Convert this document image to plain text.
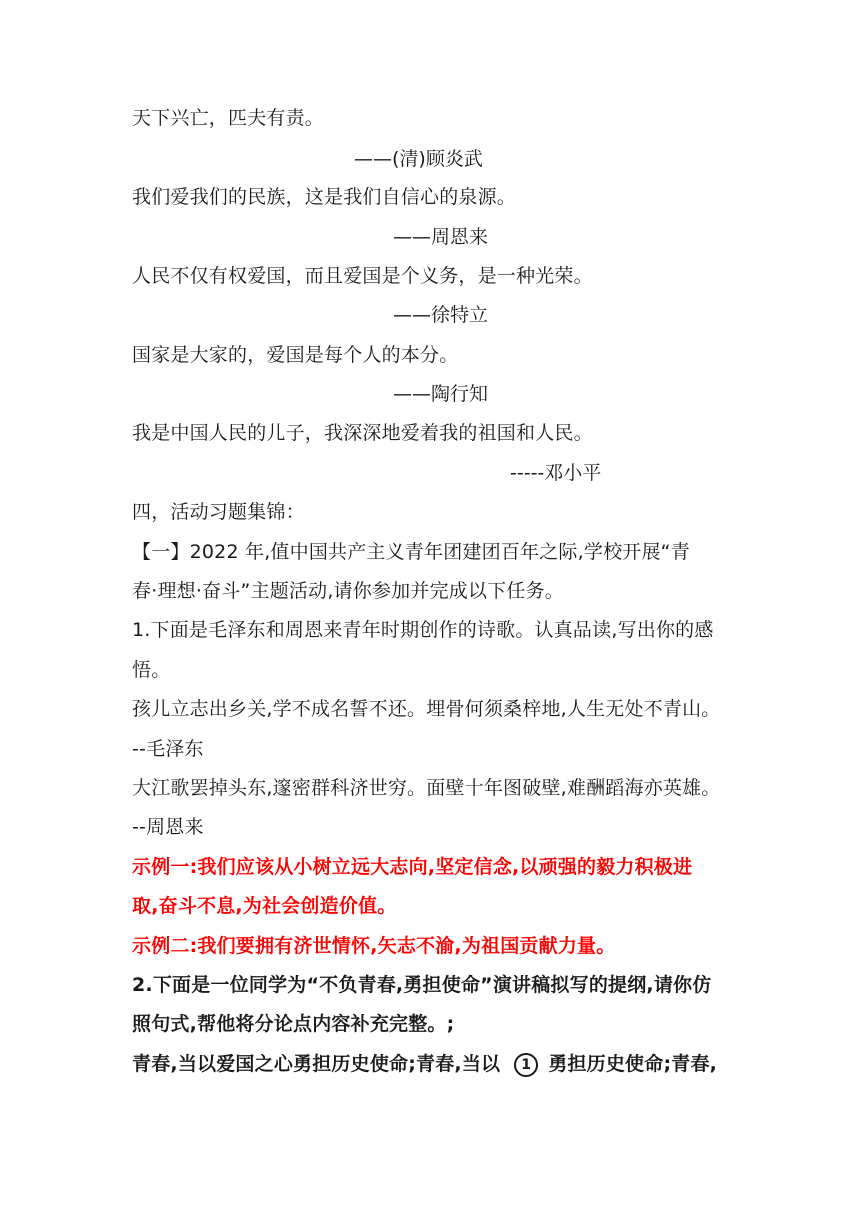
天下兴亡，匹夫有责。
——(清)顾炎武
我们爱我们的民族，这是我们自信心的泉源。
——周恩来
人民不仅有权爱国，而且爱国是个义务，是一种光荣。
——徐特立
国家是大家的，爱国是每个人的本分。
——陶行知
我是中国人民的儿子，我深深地爱着我的祖国和人民。
-----邓小平
四，活动习题集锦：
【一】2022 年,值中国共产主义青年团建团百年之际,学校开展“青
春·理想·奋斗”主题活动,请你参加并完成以下任务。
1.下面是毛泽东和周恩来青年时期创作的诗歌。认真品读,写出你的感
悟。
孩儿立志出乡关,学不成名誓不还。埋骨何须桑梓地,人生无处不青山。
--毛泽东
大江歌罢掉头东,邃密群科济世穷。面壁十年图破壁,难酬蹈海亦英雄。
--周恩来
示例一:我们应该从小树立远大志向,坚定信念,以顽强的毅力积极进
取,奋斗不息,为社会创造价值。
示例二:我们要拥有济世情怀,矢志不渝,为祖国贡献力量。
2.下面是一位同学为“不负青春,勇担使命”演讲稿拟写的提纲,请你仿
照句式,帮他将分论点内容补充完整。;
青春,当以爱国之心勇担历史使命;青春,当以 1 勇担历史使命;青春,
